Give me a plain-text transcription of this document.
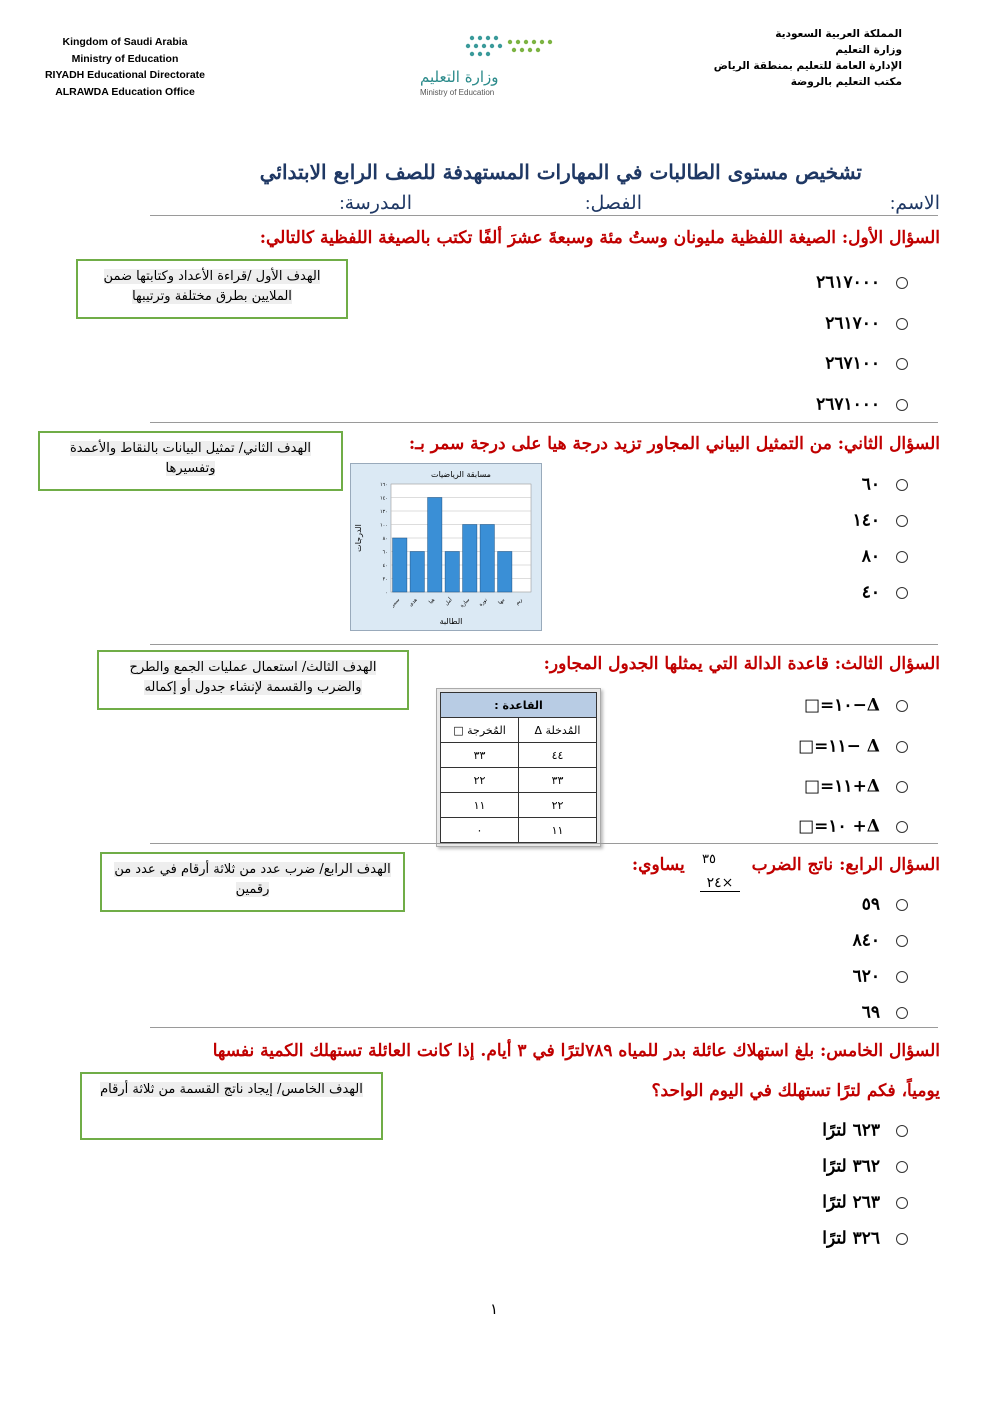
Kingdom of Saudi Arabia
Ministry of Education
RIYADH Educational Directorate
ALRAWDA Education Office
وزارة التعليم
Ministry of Education
المملكة العربية السعودية
وزارة التعليم
الإدارة العامة للتعليم بمنطقة الرياض
مكتب التعليم بالروضة
تشخيص مستوى الطالبات في المهارات المستهدفة للصف الرابع الابتدائي
الاسم:
الفصل:
المدرسة:
السؤال الأول: الصيغة اللفظية مليونان وستُ مئة وسبعةَ عشرَ ألفًا تكتب بالصيغة اللفظية كالتالي:
الهدف الأول /قراءة الأعداد وكتابتها ضمن الملايين بطرق مختلفة وترتيبها
٢٦١٧٠٠٠
٢٦١٧٠٠
٢٦٧١٠٠
٢٦٧١٠٠٠
السؤال الثاني: من التمثيل البياني المجاور تزيد درجة هيا على درجة سمر بـ:
الهدف الثاني/ تمثيل البيانات بالنقاط والأعمدة وتفسيرها
٠
٢٠
٤٠
٦٠
٨٠
١٠٠
١٢٠
١٤٠
١٦٠
سمر هدى هيا أمل سارة نورة مها ريم
مسابقة الرياضيات
الطالبة
الدرجات
٦٠
١٤٠
٨٠
٤٠
السؤال الثالث: قاعدة الدالة التي يمثلها الجدول المجاور:
الهدف الثالث/ استعمال عمليات الجمع والطرح والضرب والقسمة لإنشاء جدول أو إكماله
القاعدة :	
المُدخلة Δ	المُخرجة □
٤٤	٣٣
٣٣	٢٢
٢٢	١١
١١	٠
□=١٠−Δ
□=١١− Δ
□=١١+Δ
□=١٠ +Δ
السؤال الرابع: ناتج الضرب  يساوي:	٣٥
×٢٤
الهدف الرابع/ ضرب عدد من ثلاثة أرقام في عدد من رقمين
٥٩
٨٤٠
٦٢٠
٦٩
السؤال الخامس: بلغ استهلاك عائلة بدر للمياه ٧٨٩لترًا في ٣ أيام. إذا كانت العائلة تستهلك الكمية نفسها
يومياً، فكم لترًا تستهلك في اليوم الواحد؟
الهدف الخامس/ إيجاد ناتج القسمة من ثلاثة أرقام
٦٢٣ لترًا
٣٦٢ لترًا
٢٦٣ لترًا
٣٢٦ لترًا
١
